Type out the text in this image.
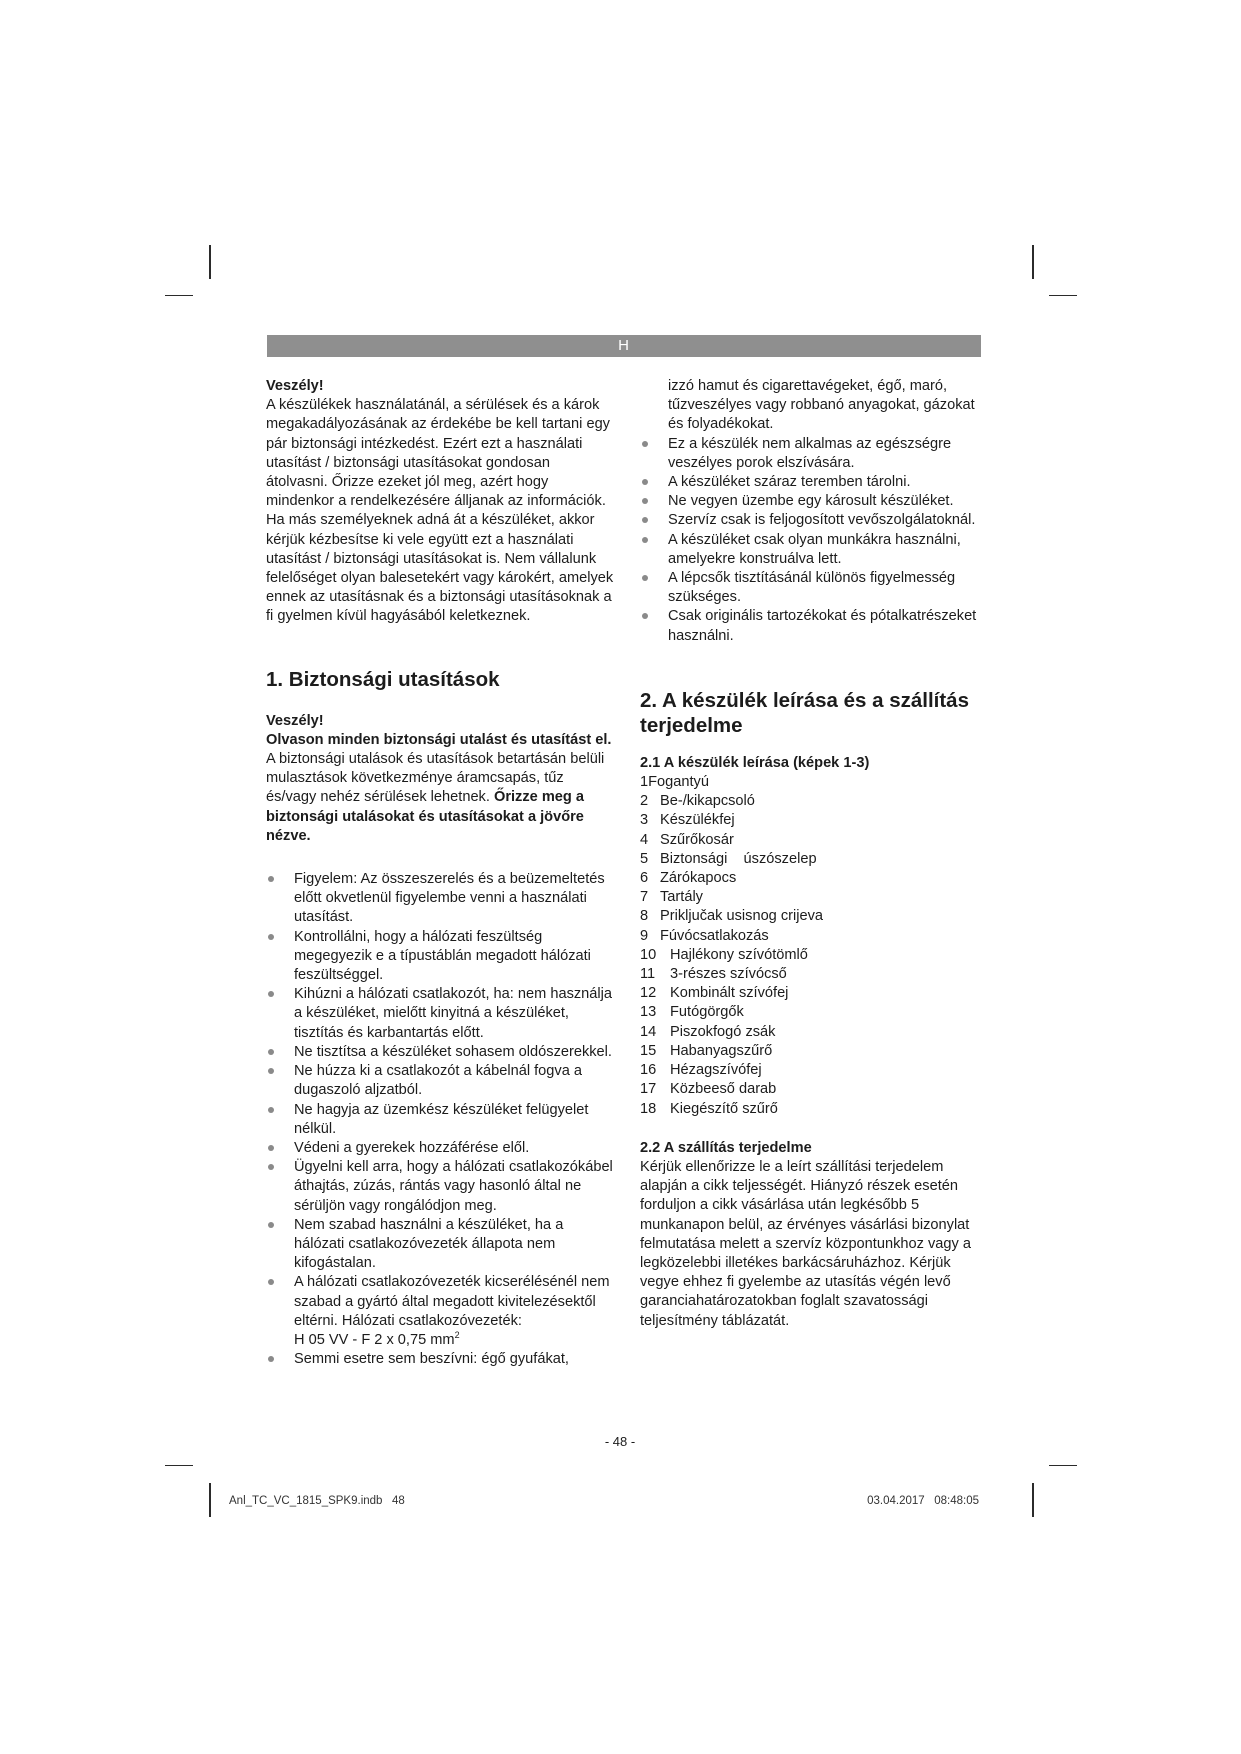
H

Veszély!

A készülékek használatánál, a sérülések és a károk megakadályozásának az érdekébe be kell tartani egy pár biztonsági intézkedést. Ezért ezt a használati utasítást / biztonsági utasításokat gondosan átolvasni. Őrizze ezeket jól meg, azért hogy mindenkor a rendelkezésére álljanak az információk. Ha más személyeknek adná át a készüléket, akkor kérjük kézbesítse ki vele együtt ezt a használati utasítást / biztonsági utasításokat is. Nem vállalunk felelőséget olyan balesetekért vagy károkért, amelyek ennek az utasításnak és a biztonsági utasításoknak a fi gyelmen kívül hagyásából keletkeznek.

1. Biztonsági utasítások

Veszély!

Olvason minden biztonsági utalást és utasítást el. A biztonsági utalások és utasítások betartásán belüli mulasztások következménye áramcsapás, tűz és/vagy nehéz sérülések lehetnek. Őrizze meg a biztonsági utalásokat és utasításokat a jövőre nézve.

Figyelem: Az összeszerelés és a beüzemeltetés előtt okvetlenül figyelembe venni a használati utasítást.
Kontrollálni, hogy a hálózati feszültség megegyezik e a típustáblán megadott hálózati feszültséggel.
Kihúzni a hálózati csatlakozót, ha: nem használja a készüléket, mielőtt kinyitná a készüléket, tisztítás és karbantartás előtt.
Ne tisztítsa a készüléket sohasem oldószerekkel.
Ne húzza ki a csatlakozót a kábelnál fogva a dugaszoló aljzatból.
Ne hagyja az üzemkész készüléket felügyelet nélkül.
Védeni a gyerekek hozzáférése elől.
Ügyelni kell arra, hogy a hálózati csatlakozókábel áthajtás, zúzás, rántás vagy hasonló által ne sérüljön vagy rongálódjon meg.
Nem szabad használni a készüléket, ha a hálózati csatlakozóvezeték állapota nem kifogástalan.
A hálózati csatlakozóvezeték kicserélésénél nem szabad a gyártó által megadott kivitelezésektől eltérni. Hálózati csatlakozóvezeték:
H 05 VV - F 2 x 0,75 $mm^2$
Semmi esetre sem beszívni: égő gyufákat,
izzó hamut és cigarettavégeket, égő, maró, tűzveszélyes vagy robbanó anyagokat, gázokat és folyadékokat.
Ez a készülék nem alkalmas az egészségre veszélyes porok elszívására.
A készüléket száraz teremben tárolni.
Ne vegyen üzembe egy károsult készüléket.
Szervíz csak is feljogosított vevőszolgálatoknál.
A készüléket csak olyan munkákra használni, amelyekre konstruálva lett.
A lépcsők tisztításánál különös figyelmesség szükséges.
Csak originális tartozékokat és pótalkatrészeket használni.
2. A készülék leírása és a szállítás terjedelme
2.1 A készülék leírása (képek 1-3)

1Fogantyú

2 Be-/kikapcsoló
3 Készülékfej
4 Szűrőkosár
5 Biztonsági    úszószelep
6 Zárókapocs
7 Tartály
8 Priključak usisnog crijeva
9 Fúvócsatlakozás
10 Hajlékony szívótömlő
11	3-részes szívócső
12 Kombinált szívófej
13 Futógörgők
14 Piszokfogó zsák
15 Habanyagszűrő
16 Hézagszívófej
17 Közbeeső darab
18 Kiegészítő szűrő
2.2 A szállítás terjedelme

Kérjük ellenőrizze le a leírt szállítási terjedelem alapján a cikk teljességét. Hiányzó részek esetén forduljon a cikk vásárlása után legkésőbb 5 munkanapon belül, az érvényes vásárlási bizonylat felmutatása melett a szervíz központunkhoz vagy a legközelebbi illetékes barkácsáruházhoz. Kérjük vegye ehhez fi gyelembe az utasítás végén levő garanciahatározatokban foglalt szavatossági teljesítmény táblázatát.

- 48 -
Anl_TC_VC_1815_SPK9.indb   48	03.04.2017   08:48:05
